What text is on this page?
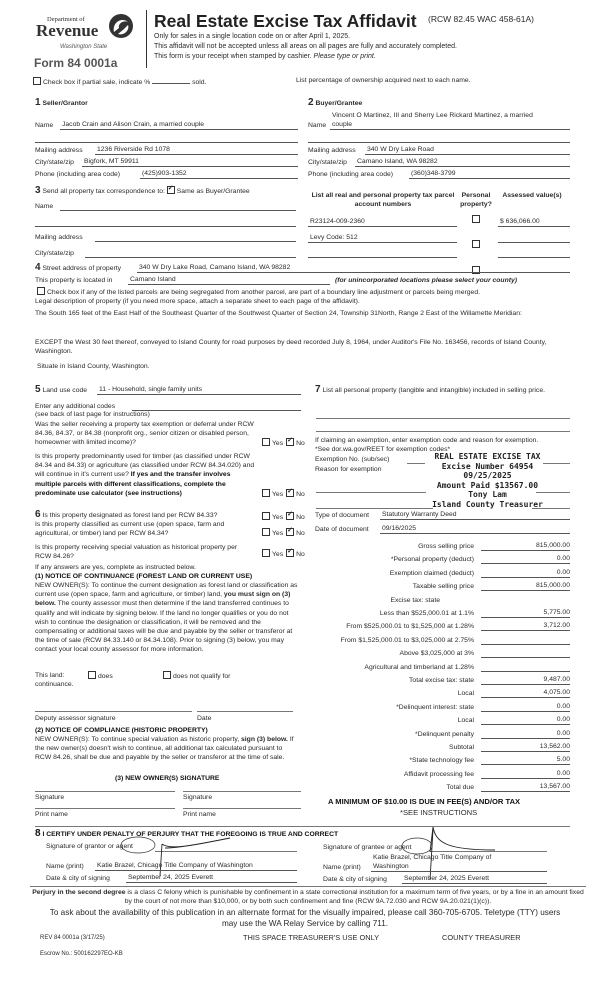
Department of
Revenue
Washington State
Form 84 0001a
Real Estate Excise Tax Affidavit (RCW 82.45 WAC 458-61A)
Only for sales in a single location code on or after April 1, 2025.
This affidavit will not be accepted unless all areas on all pages are fully and accurately completed.
This form is your receipt when stamped by cashier. Please type or print.
Check box if partial sale, indicate %	sold.	List percentage of ownership acquired next to each name.
1 Seller/Grantor
Name Jacob Crain and Alison Crain, a married couple
Mailing address 1236 Riverside Rd 1078
City/state/zip Bigfork, MT 59911
Phone (including area code)	(425)903-1352
2 Buyer/Grantee
Vincent O Martinez, III and Sherry Lee Rickard Martinez, a married
Name couple
Mailing address 340 W Dry Lake Road
City/state/zip Camano Island, WA 98282
Phone (including area code)	(360)348-3799
3 Send all property tax correspondence to: ✓ Same as Buyer/Grantee
Name
Mailing address
City/state/zip
List all real and personal property tax parcel account numbers
Personal property?
Assessed value(s)
R23124-009-2360	$ 636,066.00
Levy Code: 512
4 Street address of property	340 W Dry Lake Road, Camano Island, WA 98282
This property is located in	Camano Island	(for unincorporated locations please select your county)
Check box if any of the listed parcels are being segregated from another parcel, are part of a boundary line adjustment or parcels being merged.
Legal description of property (if you need more space, attach a separate sheet to each page of the affidavit).
The South 165 feet of the East Half of the Southeast Quarter of the Southwest Quarter of Section 24, Township 31North, Range 2 East of the Willamette Meridian:
EXCEPT the West 30 feet thereof, conveyed to Island County for road purposes by deed recorded July 8, 1964, under Auditor's File No. 163456, records of Island County, Washington.
Situate in Island County, Washington.
5 Land use code 11 - Household, single family units
Enter any additional codes
(see back of last page for instructions)
Was the seller receiving a property tax exemption or deferral under RCW 84.36, 84.37, or 84.38 (nonprofit org., senior citizen or disabled person, homeowner with limited income)?	Yes ✓ No
Is this property predominantly used for timber (as classified under RCW 84.34 and 84.33) or agriculture (as classified under RCW 84.34.020) and will continue in it's current use? If yes and the transfer involves multiple parcels with different classifications, complete the predominate use calculator (see instructions)	Yes ✓ No
6 Is this property designated as forest land per RCW 84.33?	Yes ✓ No
Is this property classified as current use (open space, farm and agricultural, or timber) land per RCW 84.34?	Yes ✓ No
Is this property receiving special valuation as historical property per RCW 84.26?	Yes ✓ No
If any answers are yes, complete as instructed below.
(1) NOTICE OF CONTINUANCE (FOREST LAND OR CURRENT USE)
NEW OWNER(S): To continue the current designation as forest land or classification as current use (open space, farm and agriculture, or timber) land, you must sign on (3) below. The county assessor must then determine if the land transferred continues to qualify and will indicate by signing below. If the land no longer qualifies or you do not wish to continue the designation or classification, it will be removed and the compensating or additional taxes will be due and payable by the seller or transferor at the time of sale (RCW 84.33.140 or 84.34.108). Prior to signing (3) below, you may contact your local county assessor for more information.
This land:	does	does not qualify for
continuance.
Deputy assessor signature	Date
(2) NOTICE OF COMPLIANCE (HISTORIC PROPERTY)
NEW OWNER(S): To continue special valuation as historic property, sign (3) below. If the new owner(s) doesn't wish to continue, all additional tax calculated pursuant to RCW 84.26, shall be due and payable by the seller or transferor at the time of sale.
(3) NEW OWNER(S) SIGNATURE
Signature	Signature
Print name	Print name
7 List all personal property (tangible and intangible) included in selling price.
If claiming an exemption, enter exemption code and reason for exemption. *See dor.wa.gov/REET for exemption codes*
Exemption No. (sub/sec)
Reason for exemption
REAL ESTATE EXCISE TAX
Excise Number 64954
09/25/2025
Amount Paid $13567.00
Tony Lam
Island County Treasurer
Type of document Statutory Warranty Deed
Date of document 09/16/2025
Gross selling price	815,000.00
*Personal property (deduct)	0.00
Exemption claimed (deduct)	0.00
Taxable selling price	815,000.00
Excise tax: state
Less than $525,000.01 at 1.1%	5,775.00
From $525,000.01 to $1,525,000 at 1.28%	3,712.00
From $1,525,000.01 to $3,025,000 at 2.75%
Above $3,025,000 at 3%
Agricultural and timberland at 1.28%
Total excise tax: state	9,487.00
Local	4,075.00
*Delinquent interest: state	0.00
Local	0.00
*Delinquent penalty	0.00
Subtotal	13,562.00
*State technology fee	5.00
Affidavit processing fee	0.00
Total due	13,567.00
A MINIMUM OF $10.00 IS DUE IN FEE(S) AND/OR TAX
*SEE INSTRUCTIONS
8 I CERTIFY UNDER PENALTY OF PERJURY THAT THE FOREGOING IS TRUE AND CORRECT
Signature of grantor or agent
Name (print) Katie Brazel, Chicago Title Company of Washington
Date & city of signing	September 24, 2025 Everett
Signature of grantee or agent
Katie Brazel, Chicago Title Company of
Name (print) Washington
Date & city of signing	September 24, 2025 Everett
Perjury in the second degree is a class C felony which is punishable by confinement in a state correctional institution for a maximum term of five years, or by a fine in an amount fixed by the court of not more than $10,000, or by both such confinement and fine (RCW 9A.72.030 and RCW 9A.20.021(1)(c)).
To ask about the availability of this publication in an alternate format for the visually impaired, please call 360-705-6705. Teletype (TTY) users may use the WA Relay Service by calling 711.
REV 84 0001a (3/17/25)	THIS SPACE TREASURER'S USE ONLY	COUNTY TREASURER
Escrow No.: 500162297EO-KB
